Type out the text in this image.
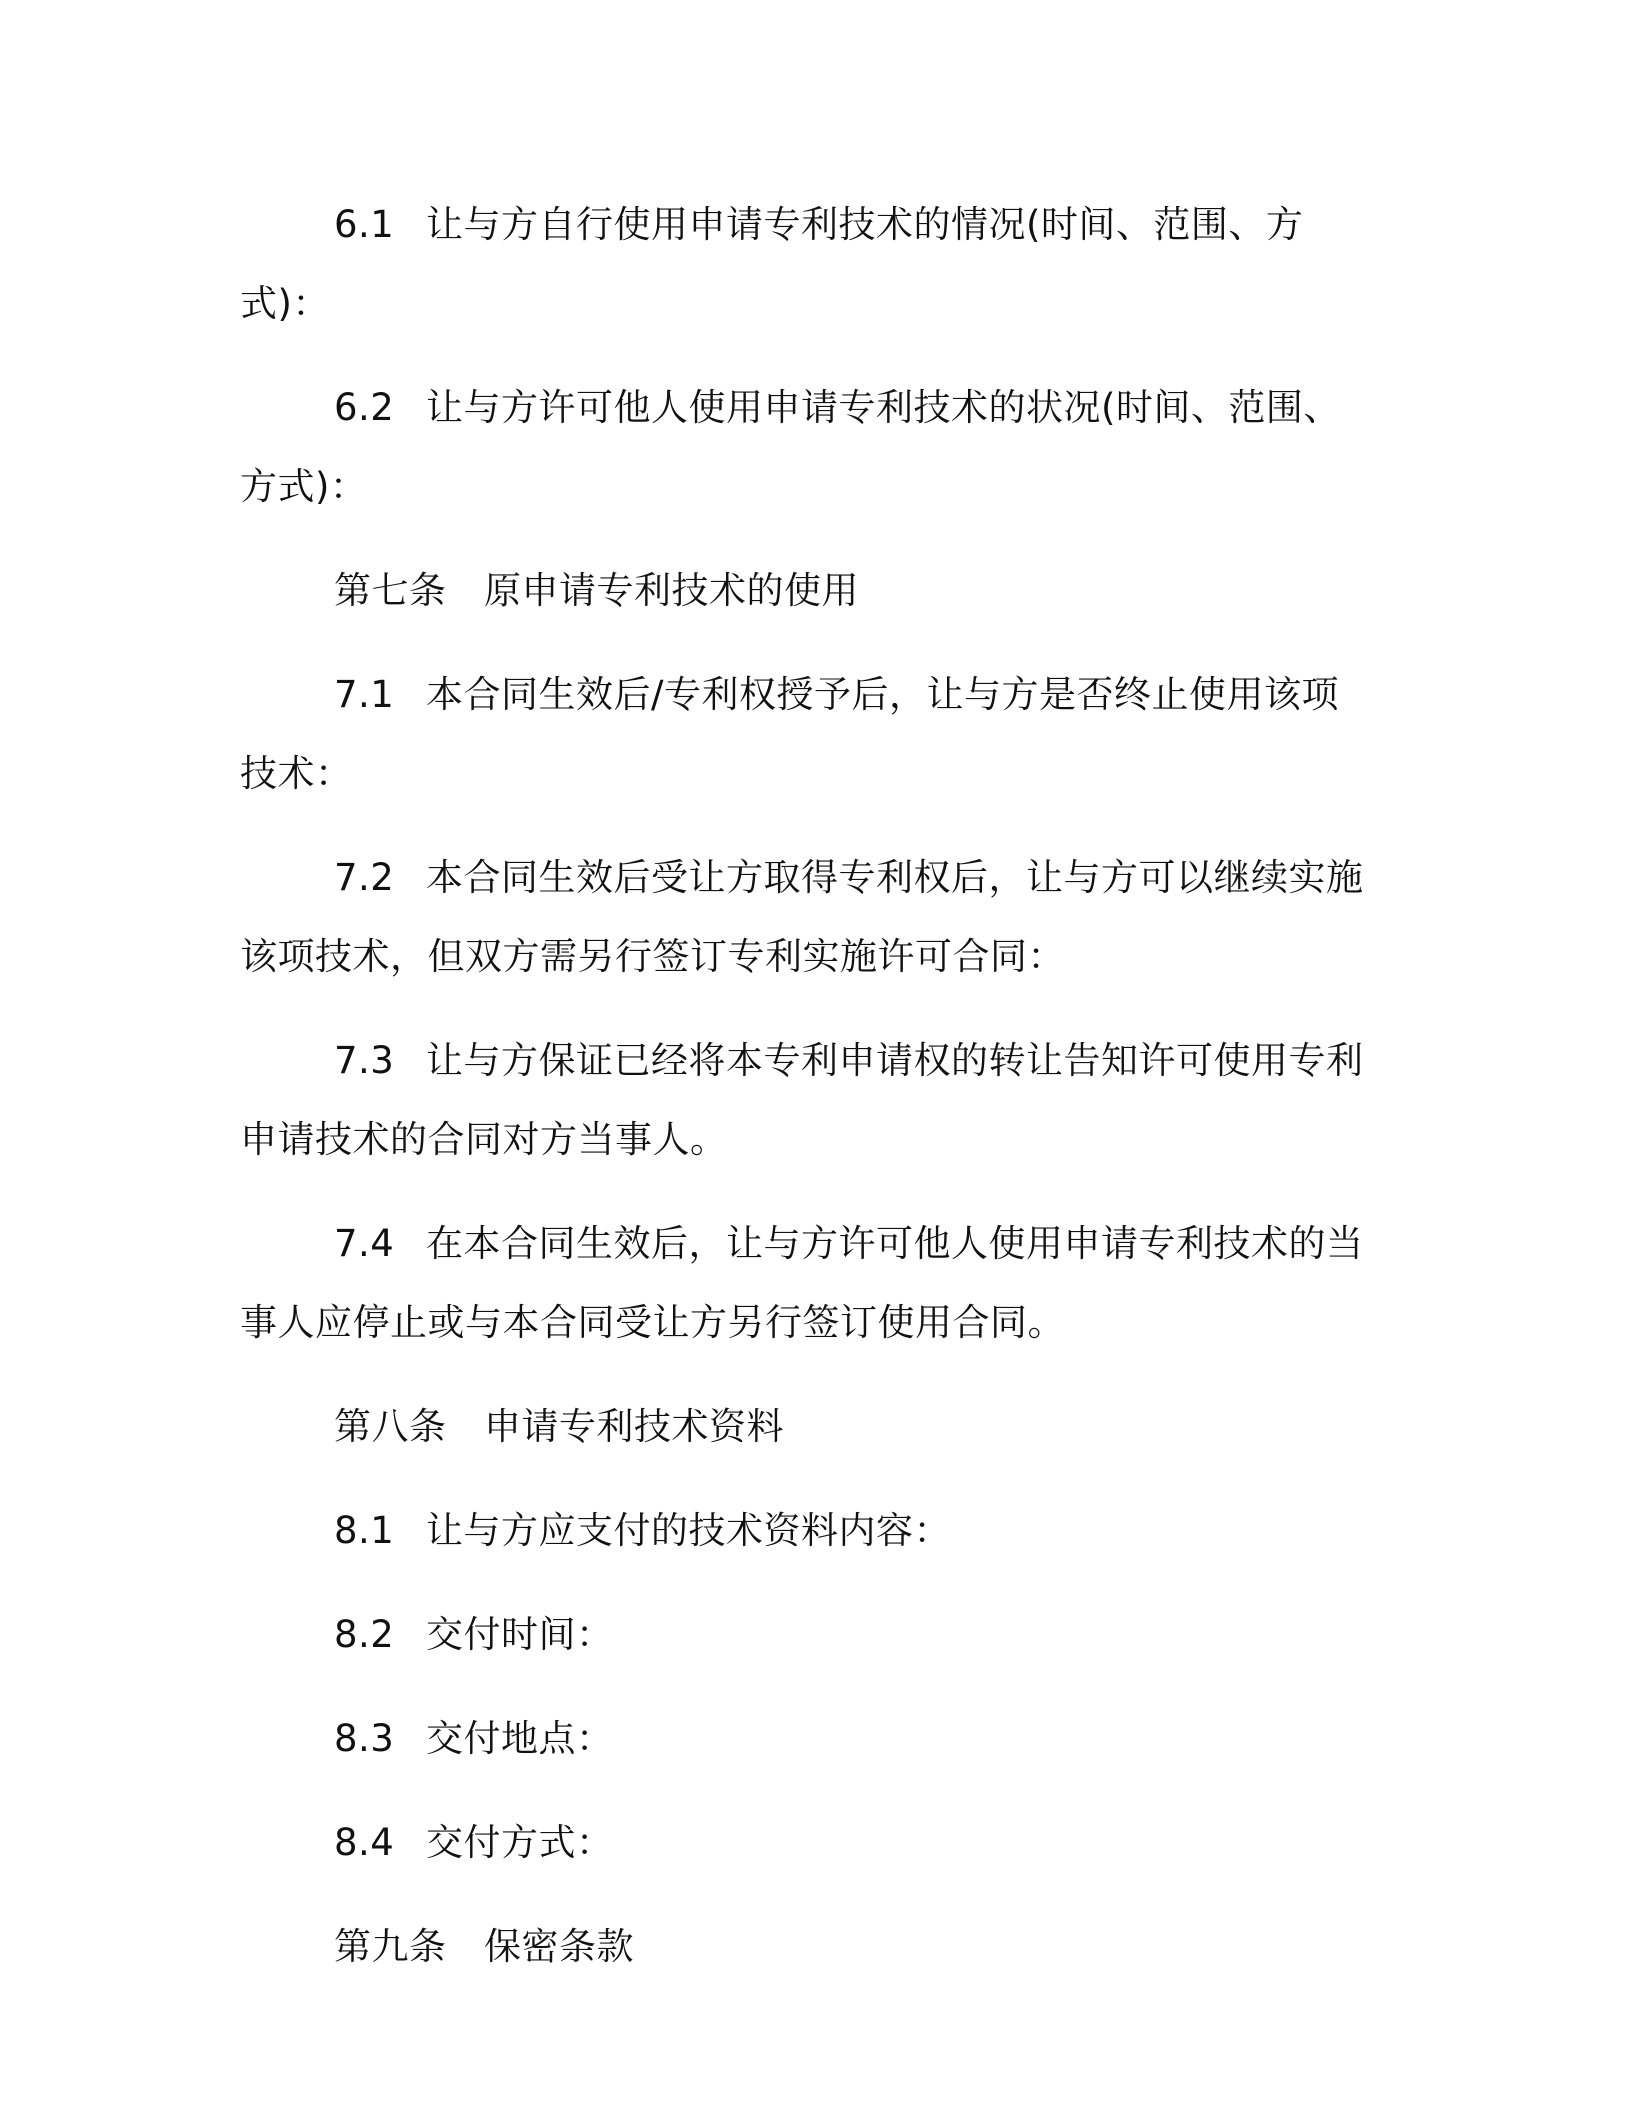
6.1 让与方自行使用申请专利技术的情况(时间、范围、方式)：

6.2 让与方许可他人使用申请专利技术的状况(时间、范围、方式)：

第七条 原申请专利技术的使用

7.1 本合同生效后/专利权授予后，让与方是否终止使用该项技术：

7.2 本合同生效后受让方取得专利权后，让与方可以继续实施该项技术，但双方需另行签订专利实施许可合同：

7.3 让与方保证已经将本专利申请权的转让告知许可使用专利申请技术的合同对方当事人。

7.4 在本合同生效后，让与方许可他人使用申请专利技术的当事人应停止或与本合同受让方另行签订使用合同。

第八条 申请专利技术资料

8.1 让与方应支付的技术资料内容：

8.2 交付时间：

8.3 交付地点：

8.4 交付方式：

第九条 保密条款
